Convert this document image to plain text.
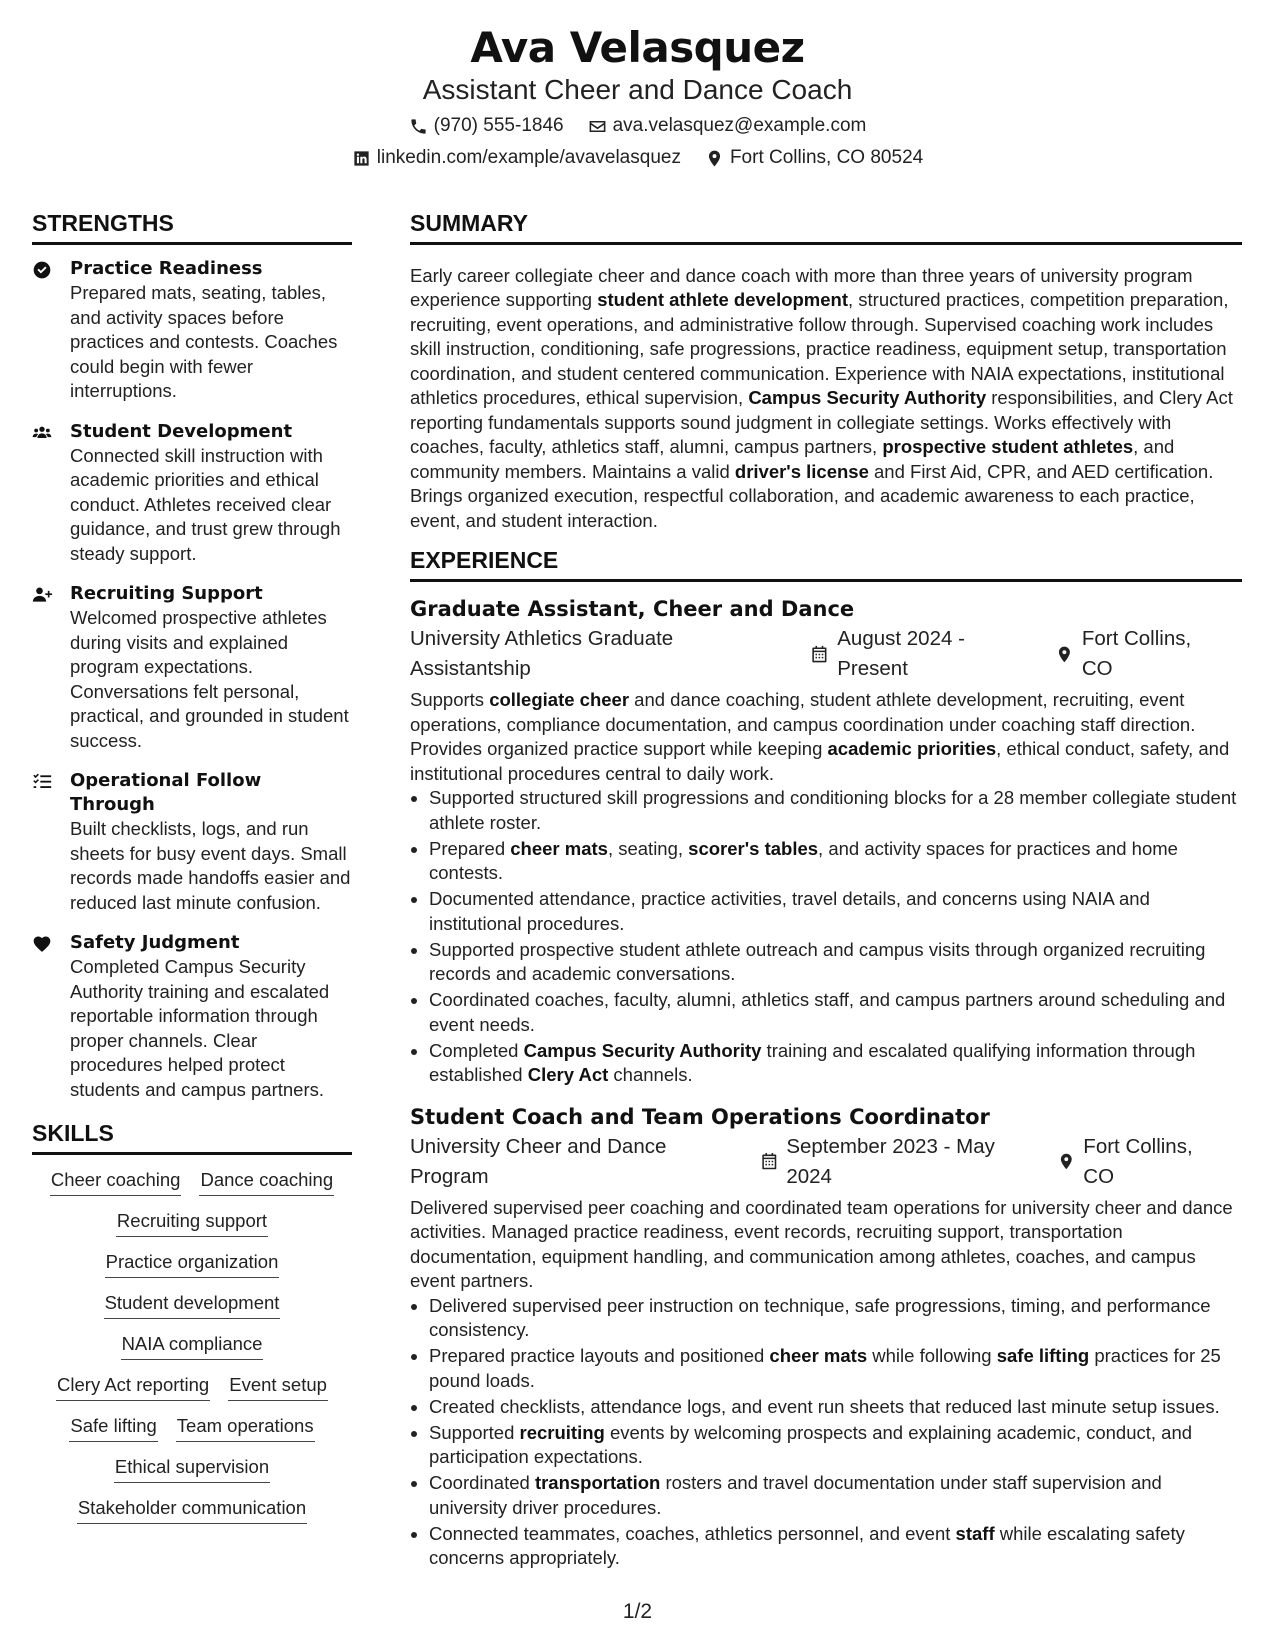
Ava Velasquez
Assistant Cheer and Dance Coach
(970) 555-1846	ava.velasquez@example.com
linkedin.com/example/avavelasquez	Fort Collins, CO 80524
STRENGTHS
Practice Readiness
Prepared mats, seating, tables, and activity spaces before practices and contests. Coaches could begin with fewer interruptions.
Student Development
Connected skill instruction with academic priorities and ethical conduct. Athletes received clear guidance, and trust grew through steady support.
Recruiting Support
Welcomed prospective athletes during visits and explained program expectations. Conversations felt personal, practical, and grounded in student success.
Operational Follow Through
Built checklists, logs, and run sheets for busy event days. Small records made handoffs easier and reduced last minute confusion.
Safety Judgment
Completed Campus Security Authority training and escalated reportable information through proper channels. Clear procedures helped protect students and campus partners.
SKILLS
Cheer coaching Dance coaching
Recruiting support
Practice organization
Student development
NAIA compliance
Clery Act reporting Event setup
Safe lifting Team operations
Ethical supervision
Stakeholder communication
SUMMARY

Early career collegiate cheer and dance coach with more than three years of university program experience supporting student athlete development, structured practices, competition preparation, recruiting, event operations, and administrative follow through. Supervised coaching work includes skill instruction, conditioning, safe progressions, practice readiness, equipment setup, transportation coordination, and student centered communication. Experience with NAIA expectations, institutional athletics procedures, ethical supervision, Campus Security Authority responsibilities, and Clery Act reporting fundamentals supports sound judgment in collegiate settings. Works effectively with coaches, faculty, athletics staff, alumni, campus partners, prospective student athletes, and community members. Maintains a valid driver's license and First Aid, CPR, and AED certification. Brings organized execution, respectful collaboration, and academic awareness to each practice, event, and student interaction.

EXPERIENCE
Graduate Assistant, Cheer and Dance
University Athletics Graduate Assistantship
August 2024 - Present
Fort Collins, CO

Supports collegiate cheer and dance coaching, student athlete development, recruiting, event operations, compliance documentation, and campus coordination under coaching staff direction. Provides organized practice support while keeping academic priorities, ethical conduct, safety, and institutional procedures central to daily work.

• Supported structured skill progressions and conditioning blocks for a 28 member collegiate student athlete roster.
• Prepared cheer mats, seating, scorer's tables, and activity spaces for practices and home contests.
• Documented attendance, practice activities, travel details, and concerns using NAIA and institutional procedures.
• Supported prospective student athlete outreach and campus visits through organized recruiting records and academic conversations.
• Coordinated coaches, faculty, alumni, athletics staff, and campus partners around scheduling and event needs.
• Completed Campus Security Authority training and escalated qualifying information through established Clery Act channels.
Student Coach and Team Operations Coordinator
University Cheer and Dance Program
September 2023 - May 2024
Fort Collins, CO

Delivered supervised peer coaching and coordinated team operations for university cheer and dance activities. Managed practice readiness, event records, recruiting support, transportation documentation, equipment handling, and communication among athletes, coaches, and campus event partners.

• Delivered supervised peer instruction on technique, safe progressions, timing, and performance consistency.
• Prepared practice layouts and positioned cheer mats while following safe lifting practices for 25 pound loads.
• Created checklists, attendance logs, and event run sheets that reduced last minute setup issues.
• Supported recruiting events by welcoming prospects and explaining academic, conduct, and participation expectations.
• Coordinated transportation rosters and travel documentation under staff supervision and university driver procedures.
• Connected teammates, coaches, athletics personnel, and event staff while escalating safety concerns appropriately.
1/2
